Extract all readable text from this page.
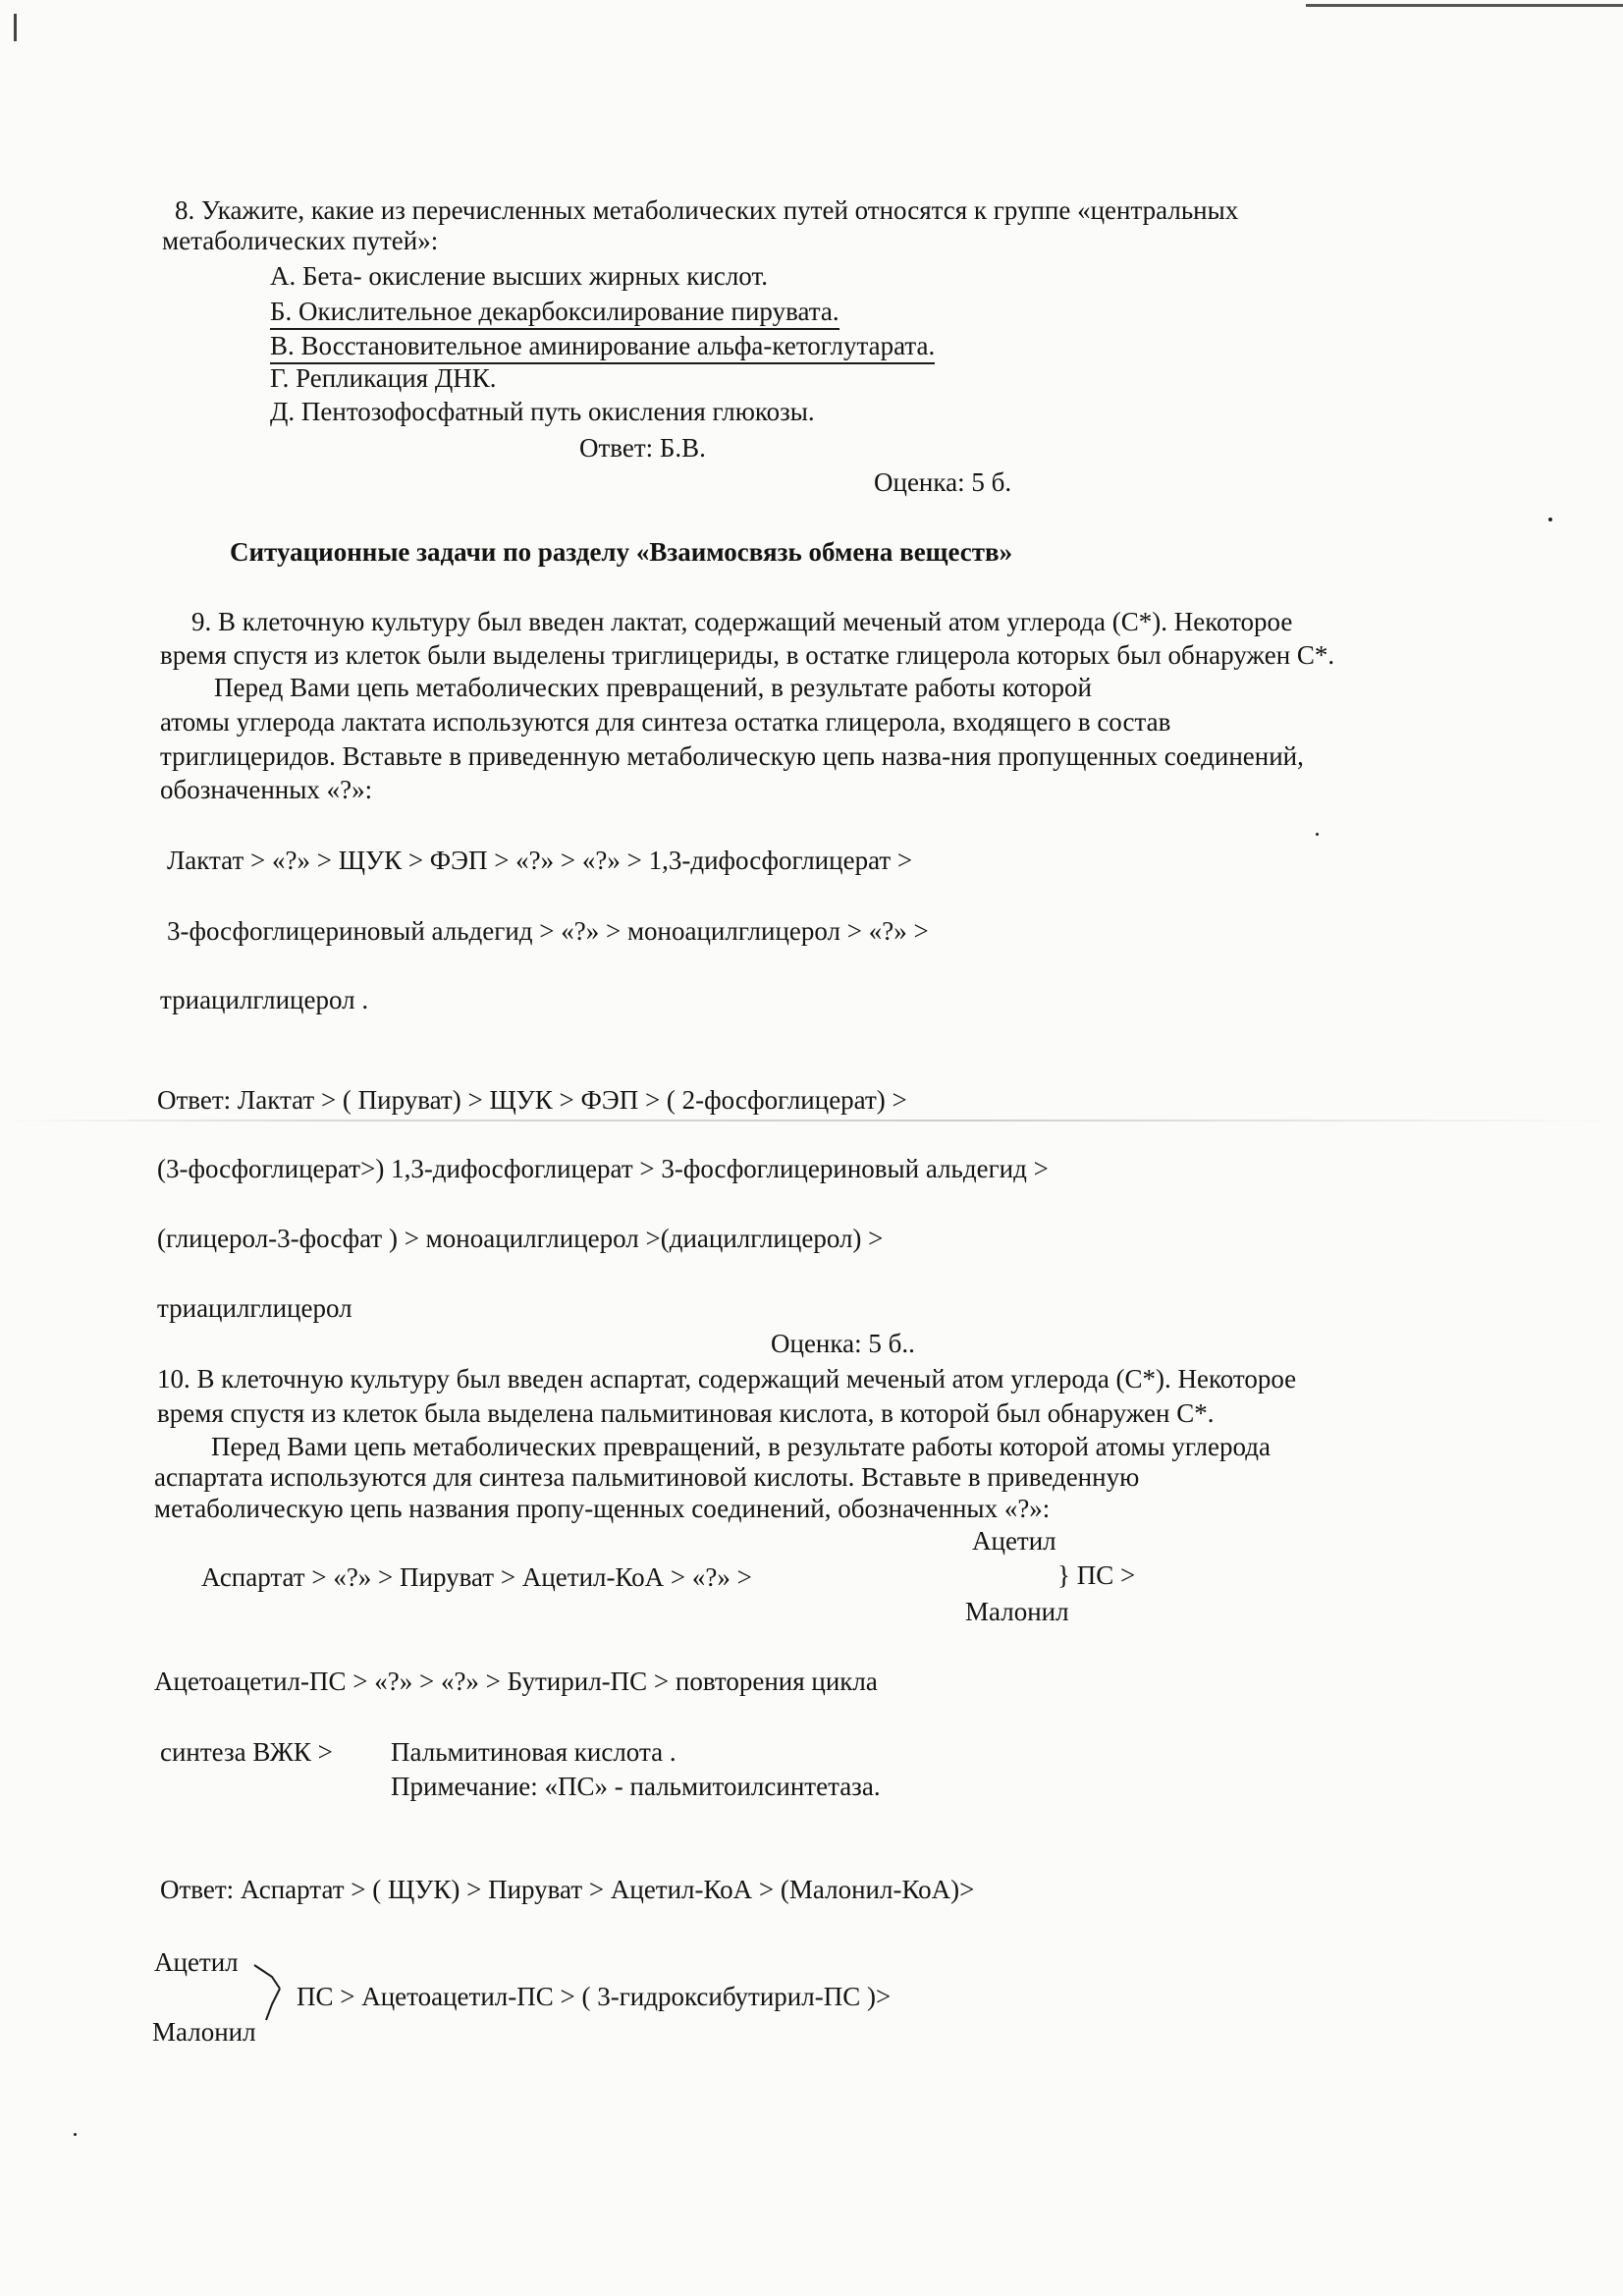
8. Укажите, какие из перечисленных метаболических путей относятся к группе «центральных
метаболических путей»:
А. Бета- окисление высших жирных кислот.
Б. Окислительное декарбоксилирование пирувата.
В. Восстановительное аминирование альфа-кетоглутарата.
Г. Репликация ДНК.
Д. Пентозофосфатный путь окисления глюкозы.
Ответ: Б.В.
Оценка: 5 б.
Ситуационные задачи по разделу «Взаимосвязь обмена веществ»
9. В клеточную культуру был введен лактат, содержащий меченый атом углерода (С*). Некоторое
время спустя из клеток были выделены триглицериды, в остатке глицерола которых был обнаружен С*.
Перед Вами цепь метаболических превращений, в результате работы которой
атомы углерода лактата используются для синтеза остатка глицерола, входящего в состав
триглицеридов. Вставьте в приведенную метаболическую цепь назва-ния пропущенных соединений,
обозначенных «?»:
Лактат > «?» > ЩУК > ФЭП > «?» > «?» > 1,3-дифосфоглицерат >
3-фосфоглицериновый альдегид > «?» > моноацилглицерол > «?» >
триацилглицерол .
Ответ: Лактат > ( Пируват) > ЩУК > ФЭП > ( 2-фосфоглицерат) >
(3-фосфоглицерат>) 1,3-дифосфоглицерат > 3-фосфоглицериновый альдегид >
(глицерол-3-фосфат ) > моноацилглицерол >(диацилглицерол) >
триацилглицерол
Оценка: 5 б..
10. В клеточную культуру был введен аспартат, содержащий меченый атом углерода (С*). Некоторое
время спустя из клеток была выделена пальмитиновая кислота, в которой был обнаружен С*.
Перед Вами цепь метаболических превращений, в результате работы которой атомы углерода
аспартата используются для синтеза пальмитиновой кислоты. Вставьте в приведенную
метаболическую цепь названия пропу-щенных соединений, обозначенных «?»:
Ацетил
Аспартат > «?» > Пируват > Ацетил-КоА > «?» >	} ПС >
Малонил
Ацетоацетил-ПС > «?» > «?» > Бутирил-ПС > повторения цикла
синтеза ВЖК > Пальмитиновая кислота .
Примечание: «ПС» - пальмитоилсинтетаза.
Ответ: Аспартат > ( ЩУК) > Пируват > Ацетил-КоА > (Малонил-КоА)>
Ацетил
ПС > Ацетоацетил-ПС > ( 3-гидроксибутирил-ПС )>
Малонил
